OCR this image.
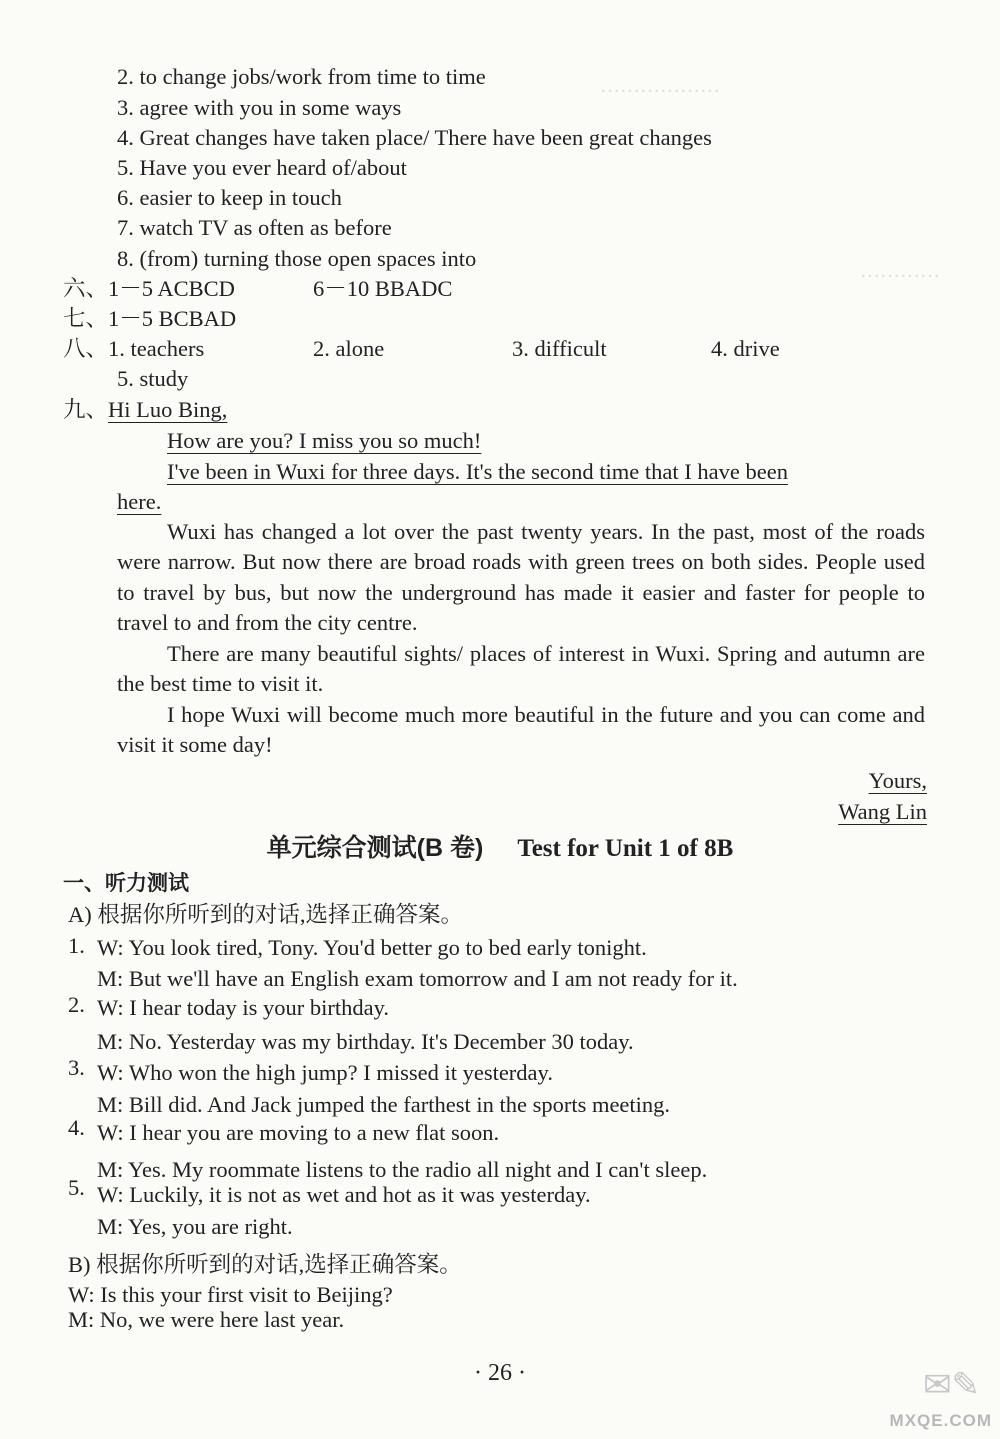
………………
…………
2. to change jobs/work from time to time
3. agree with you in some ways
4. Great changes have taken place/ There have been great changes
5. Have you ever heard of/about
6. easier to keep in touch
7. watch TV as often as before
8. (from) turning those open spaces into
六、1－5 ACBCD	6－10 BBADC
七、1－5 BCBAD
八、1. teachers	2. alone	3. difficult	4. drive
5. study
九、Hi Luo Bing,
How are you? I miss you so much!
I've been in Wuxi for three days. It's the second time that I have been
here.
Wuxi has changed a lot over the past twenty years. In the past, most of the roads were narrow. But now there are broad roads with green trees on both sides. People used to travel by bus, but now the underground has made it easier and faster for people to travel to and from the city centre.
There are many beautiful sights/ places of interest in Wuxi. Spring and autumn are the best time to visit it.
I hope Wuxi will become much more beautiful in the future and you can come and visit it some day!
Yours,
Wang Lin
单元综合测试(B 卷) Test for Unit 1 of 8B
一、听力测试
A) 根据你所听到的对话,选择正确答案。
1. W: You look tired, Tony. You'd better go to bed early tonight.
M: But we'll have an English exam tomorrow and I am not ready for it.
2. W: I hear today is your birthday.
M: No. Yesterday was my birthday. It's December 30 today.
3. W: Who won the high jump? I missed it yesterday.
M: Bill did. And Jack jumped the farthest in the sports meeting.
4. W: I hear you are moving to a new flat soon.
M: Yes. My roommate listens to the radio all night and I can't sleep.
5. W: Luckily, it is not as wet and hot as it was yesterday.
M: Yes, you are right.
B) 根据你所听到的对话,选择正确答案。
W: Is this your first visit to Beijing?
M: No, we were here last year.
· 26 ·	✉✎
MXQE.COM
